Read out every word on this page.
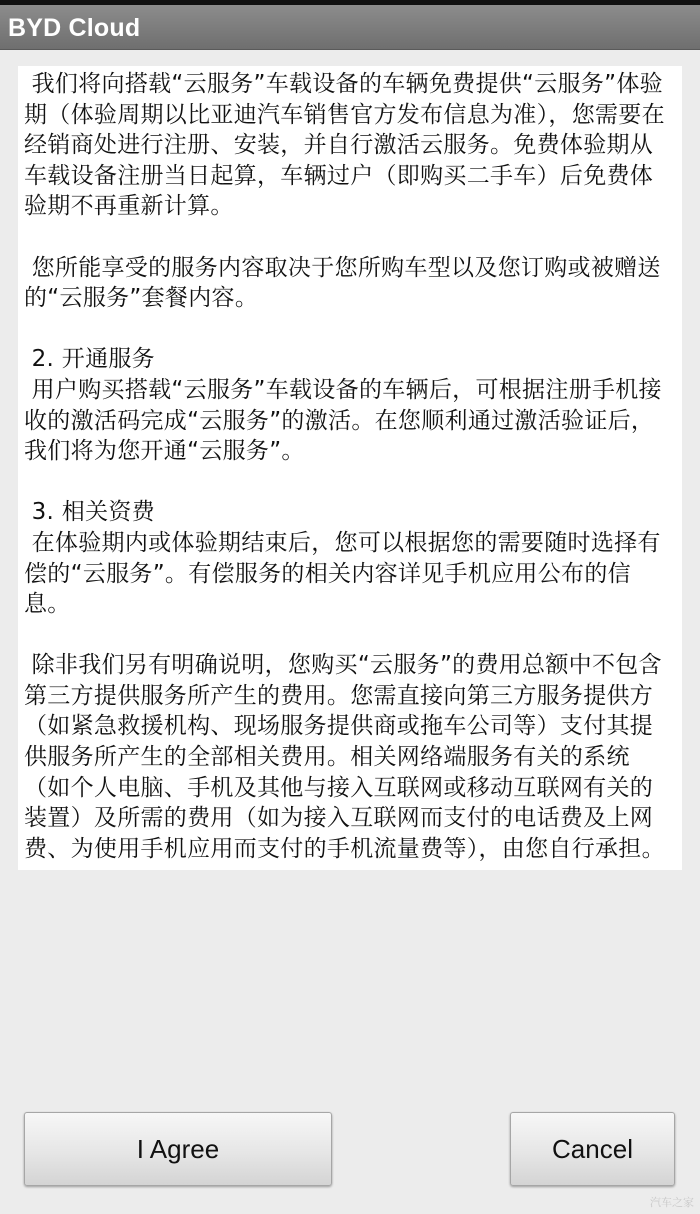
BYD Cloud

我们将向搭载“云服务”车载设备的车辆免费提供“云服务”体验期（体验周期以比亚迪汽车销售官方发布信息为准），您需要在经销商处进行注册、安装，并自行激活云服务。免费体验期从车载设备注册当日起算，车辆过户（即购买二手车）后免费体验期不再重新计算。

您所能享受的服务内容取决于您所购车型以及您订购或被赠送的“云服务”套餐内容。

2. 开通服务

用户购买搭载“云服务”车载设备的车辆后，可根据注册手机接收的激活码完成“云服务”的激活。在您顺利通过激活验证后，我们将为您开通“云服务”。

3. 相关资费

在体验期内或体验期结束后，您可以根据您的需要随时选择有偿的“云服务”。有偿服务的相关内容详见手机应用公布的信息。

除非我们另有明确说明，您购买“云服务”的费用总额中不包含第三方提供服务所产生的费用。您需直接向第三方服务提供方（如紧急救援机构、现场服务提供商或拖车公司等）支付其提供服务所产生的全部相关费用。相关网络端服务有关的系统（如个人电脑、手机及其他与接入互联网或移动互联网有关的装置）及所需的费用（如为接入互联网而支付的电话费及上网费、为使用手机应用而支付的手机流量费等），由您自行承担。

I Agree	Cancel
汽车之家
